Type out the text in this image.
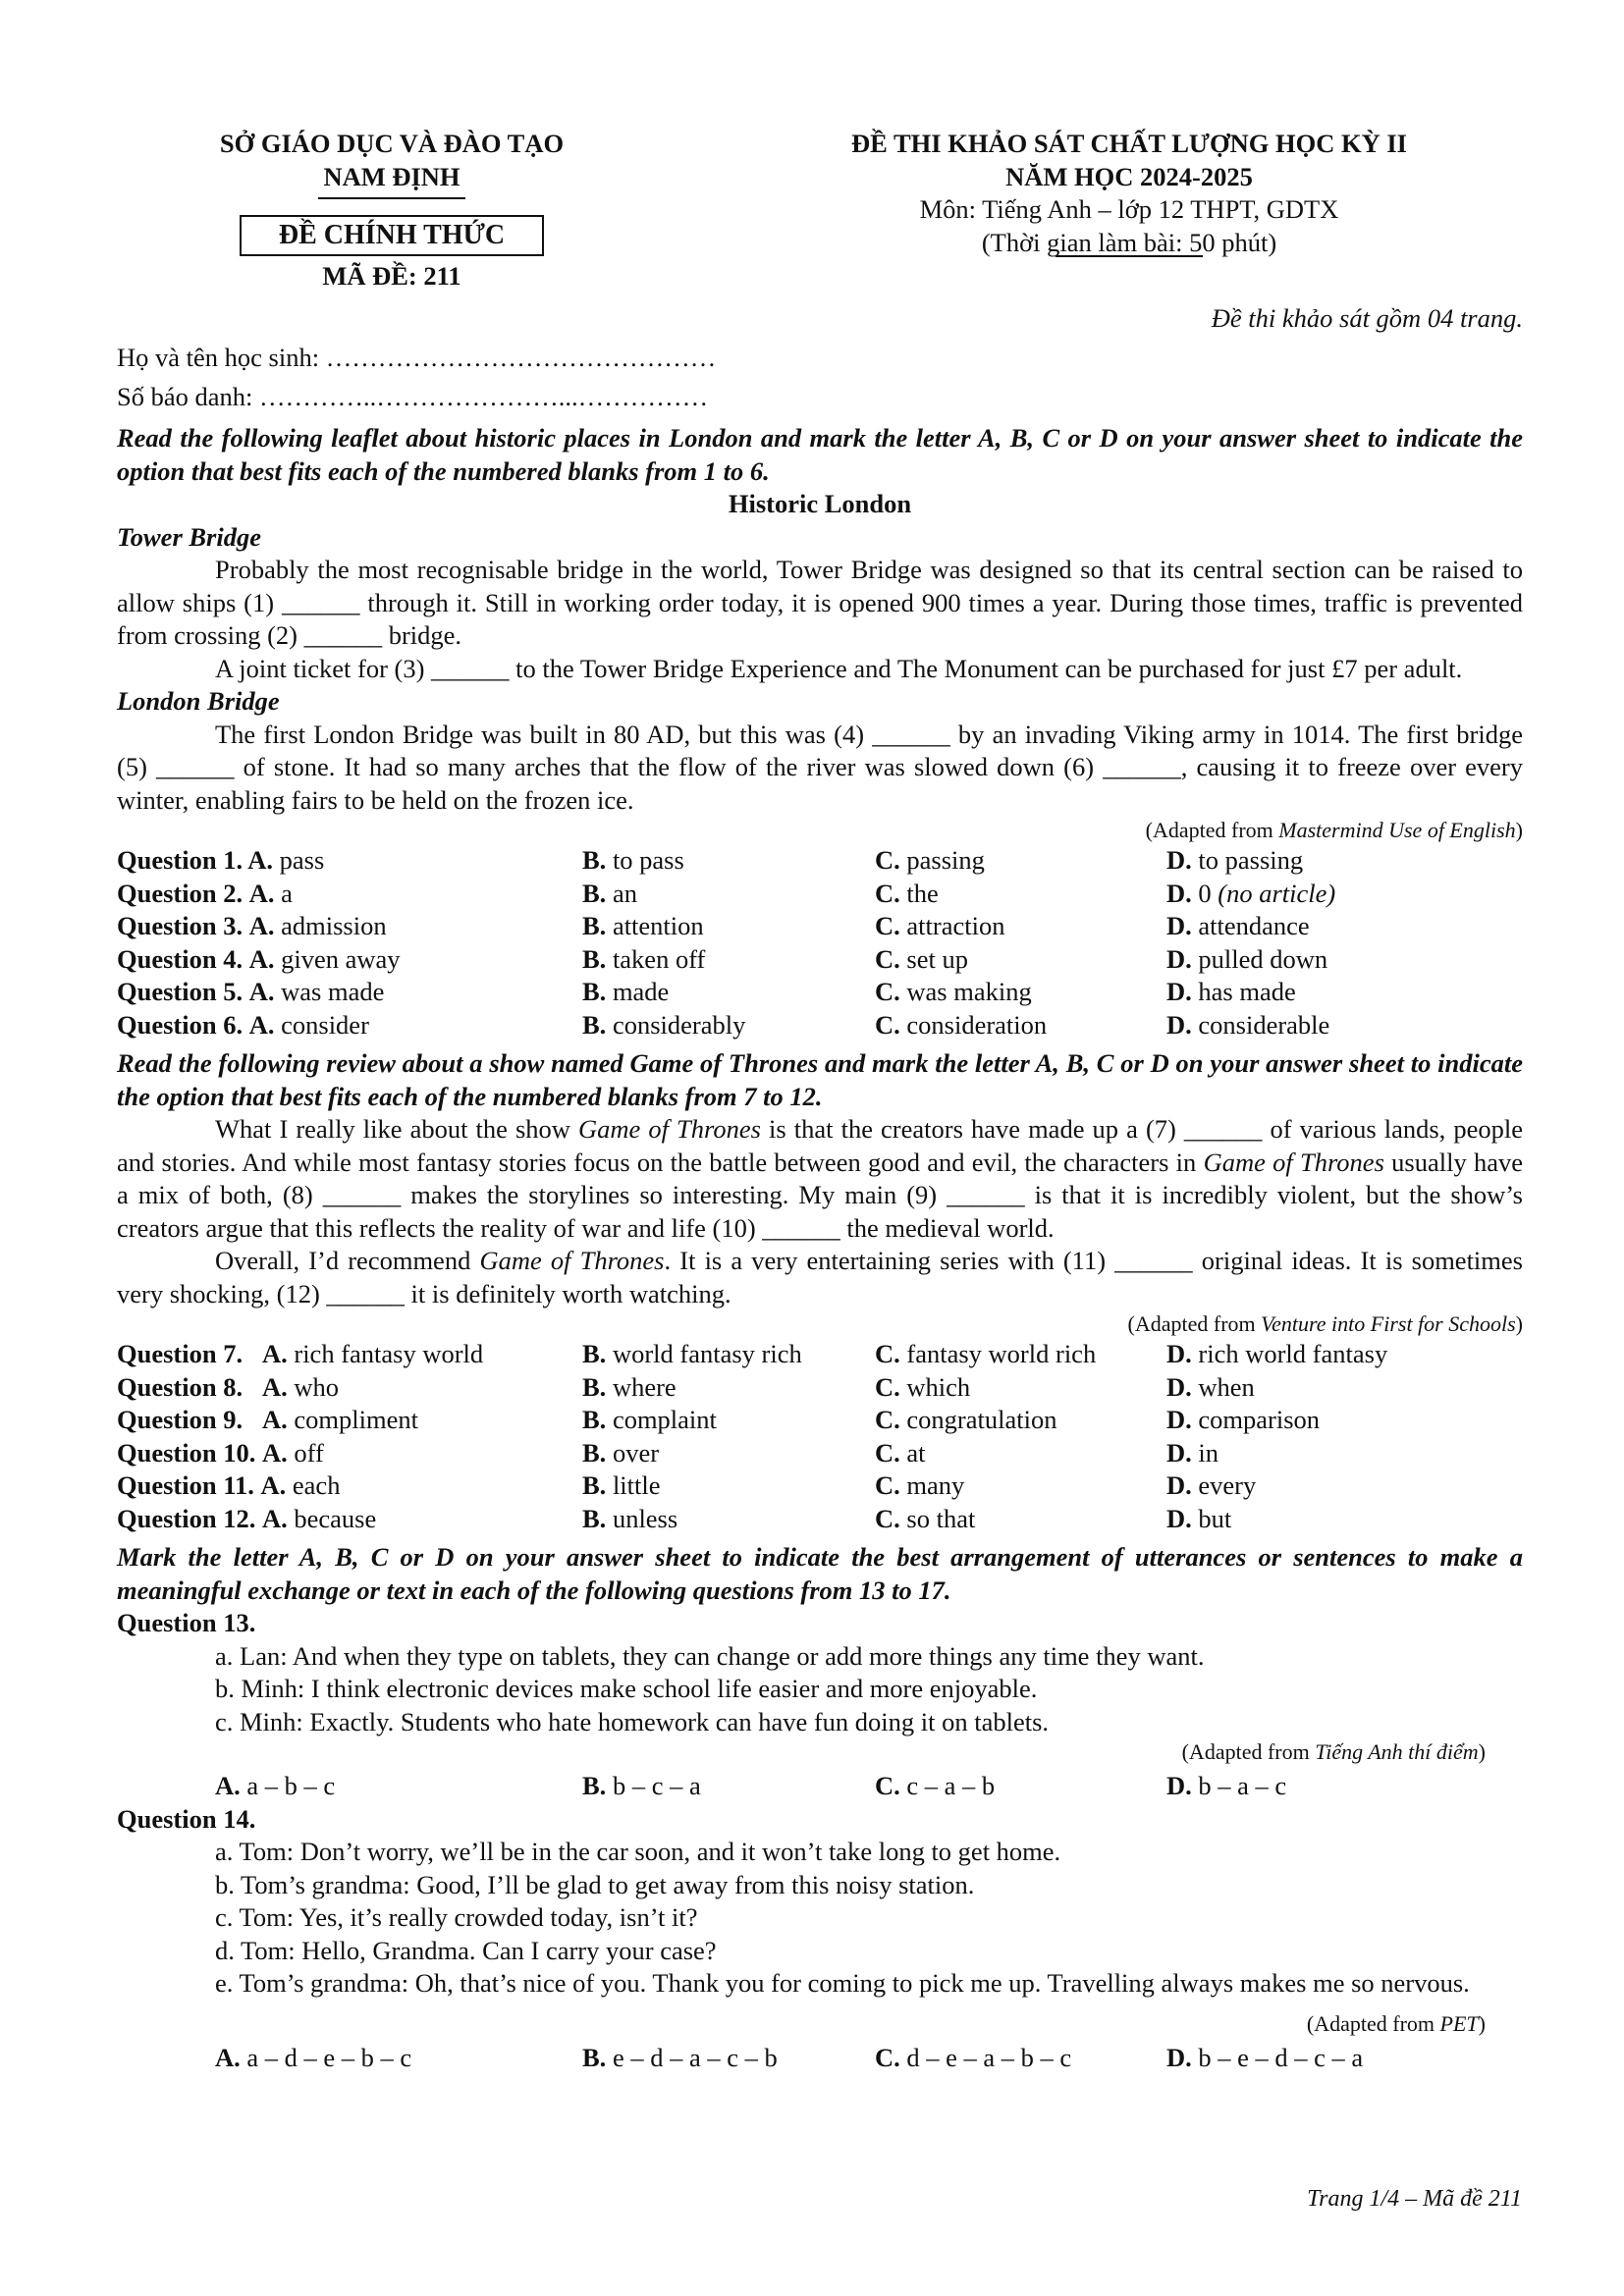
SỞ GIÁO DỤC VÀ ĐÀO TẠO
NAM ĐỊNH
ĐỀ CHÍNH THỨC
MÃ ĐỀ: 211
ĐỀ THI KHẢO SÁT CHẤT LƯỢNG HỌC KỲ II
NĂM HỌC 2024-2025
Môn: Tiếng Anh – lớp 12 THPT, GDTX
(Thời gian làm bài: 50 phút)
Đề thi khảo sát gồm 04 trang.
Họ và tên học sinh: ………………………………………
Số báo danh: …………..…………………...……………

Read the following leaflet about historic places in London and mark the letter A, B, C or D on your answer sheet to indicate the option that best fits each of the numbered blanks from 1 to 6.

Historic London
Tower Bridge

Probably the most recognisable bridge in the world, Tower Bridge was designed so that its central section can be raised to allow ships (1) ______ through it. Still in working order today, it is opened 900 times a year. During those times, traffic is prevented from crossing (2) ______ bridge.

A joint ticket for (3) ______ to the Tower Bridge Experience and The Monument can be purchased for just £7 per adult.

London Bridge

The first London Bridge was built in 80 AD, but this was (4) ______ by an invading Viking army in 1014. The first bridge (5) ______ of stone. It had so many arches that the flow of the river was slowed down (6) ______, causing it to freeze over every winter, enabling fairs to be held on the frozen ice.

(Adapted from Mastermind Use of English)
Question 1. A. pass	B. to pass	C. passing	D. to passing
Question 2. A. a	B. an	C. the	D. 0 (no article)
Question 3. A. admission	B. attention	C. attraction	D. attendance
Question 4. A. given away	B. taken off	C. set up	D. pulled down
Question 5. A. was made	B. made	C. was making	D. has made
Question 6. A. consider	B. considerably	C. consideration	D. considerable

Read the following review about a show named Game of Thrones and mark the letter A, B, C or D on your answer sheet to indicate the option that best fits each of the numbered blanks from 7 to 12.

What I really like about the show Game of Thrones is that the creators have made up a (7) ______ of various lands, people and stories. And while most fantasy stories focus on the battle between good and evil, the characters in Game of Thrones usually have a mix of both, (8) ______ makes the storylines so interesting. My main (9) ______ is that it is incredibly violent, but the show’s creators argue that this reflects the reality of war and life (10) ______ the medieval world.

Overall, I’d recommend Game of Thrones. It is a very entertaining series with (11) ______ original ideas. It is sometimes very shocking, (12) ______ it is definitely worth watching.

(Adapted from Venture into First for Schools)
Question 7. A. rich fantasy world	B. world fantasy rich	C. fantasy world rich	D. rich world fantasy
Question 8. A. who	B. where	C. which	D. when
Question 9. A. compliment	B. complaint	C. congratulation	D. comparison
Question 10. A. off	B. over	C. at	D. in
Question 11. A. each	B. little	C. many	D. every
Question 12. A. because	B. unless	C. so that	D. but

Mark the letter A, B, C or D on your answer sheet to indicate the best arrangement of utterances or sentences to make a meaningful exchange or text in each of the following questions from 13 to 17.

Question 13.
a. Lan: And when they type on tablets, they can change or add more things any time they want.
b. Minh: I think electronic devices make school life easier and more enjoyable.
c. Minh: Exactly. Students who hate homework can have fun doing it on tablets.
(Adapted from Tiếng Anh thí điểm)
A. a – b – c	B. b – c – a	C. c – a – b	D. b – a – c
Question 14.
a. Tom: Don’t worry, we’ll be in the car soon, and it won’t take long to get home.
b. Tom’s grandma: Good, I’ll be glad to get away from this noisy station.
c. Tom: Yes, it’s really crowded today, isn’t it?
d. Tom: Hello, Grandma. Can I carry your case?
e. Tom’s grandma: Oh, that’s nice of you. Thank you for coming to pick me up. Travelling always makes me so nervous.
(Adapted from PET)
A. a – d – e – b – c	B. e – d – a – c – b	C. d – e – a – b – c	D. b – e – d – c – a
Trang 1/4 – Mã đề 211
